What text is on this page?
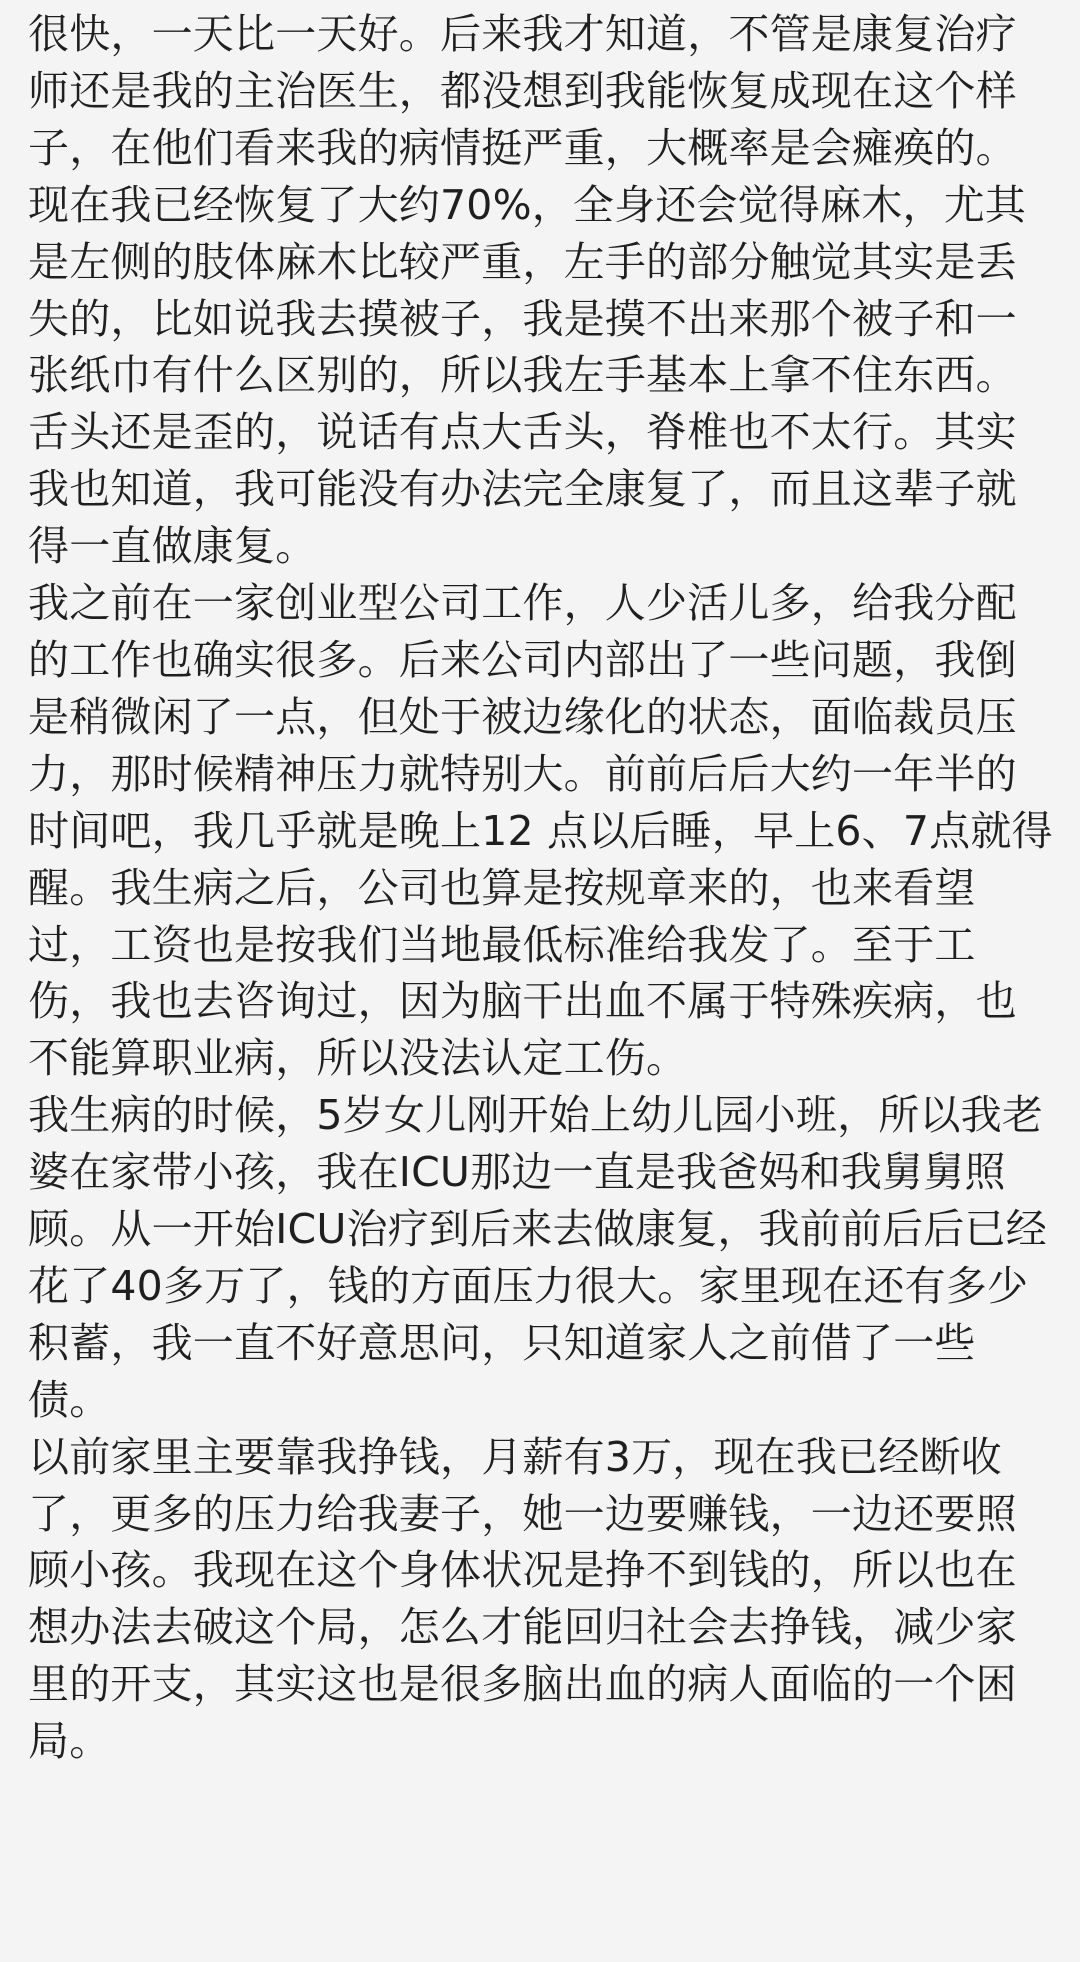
很快，一天比一天好。后来我才知道，不管是康复治疗师还是我的主治医生，都没想到我能恢复成现在这个样子，在他们看来我的病情挺严重，大概率是会瘫痪的。

现在我已经恢复了大约70%，全身还会觉得麻木，尤其是左侧的肢体麻木比较严重，左手的部分触觉其实是丢失的，比如说我去摸被子，我是摸不出来那个被子和一张纸巾有什么区别的，所以我左手基本上拿不住东西。舌头还是歪的，说话有点大舌头，脊椎也不太行。其实我也知道，我可能没有办法完全康复了，而且这辈子就得一直做康复。

我之前在一家创业型公司工作，人少活儿多，给我分配的工作也确实很多。后来公司内部出了一些问题，我倒是稍微闲了一点，但处于被边缘化的状态，面临裁员压力，那时候精神压力就特别大。前前后后大约一年半的时间吧，我几乎就是晚上12 点以后睡，早上6、7点就得醒。我生病之后，公司也算是按规章来的，也来看望过，工资也是按我们当地最低标准给我发了。至于工伤，我也去咨询过，因为脑干出血不属于特殊疾病，也不能算职业病，所以没法认定工伤。

我生病的时候，5岁女儿刚开始上幼儿园小班，所以我老婆在家带小孩，我在ICU那边一直是我爸妈和我舅舅照顾。从一开始ICU治疗到后来去做康复，我前前后后已经花了40多万了，钱的方面压力很大。家里现在还有多少积蓄，我一直不好意思问，只知道家人之前借了一些债。

以前家里主要靠我挣钱，月薪有3万，现在我已经断收了，更多的压力给我妻子，她一边要赚钱，一边还要照顾小孩。我现在这个身体状况是挣不到钱的，所以也在想办法去破这个局，怎么才能回归社会去挣钱，减少家里的开支，其实这也是很多脑出血的病人面临的一个困局。
